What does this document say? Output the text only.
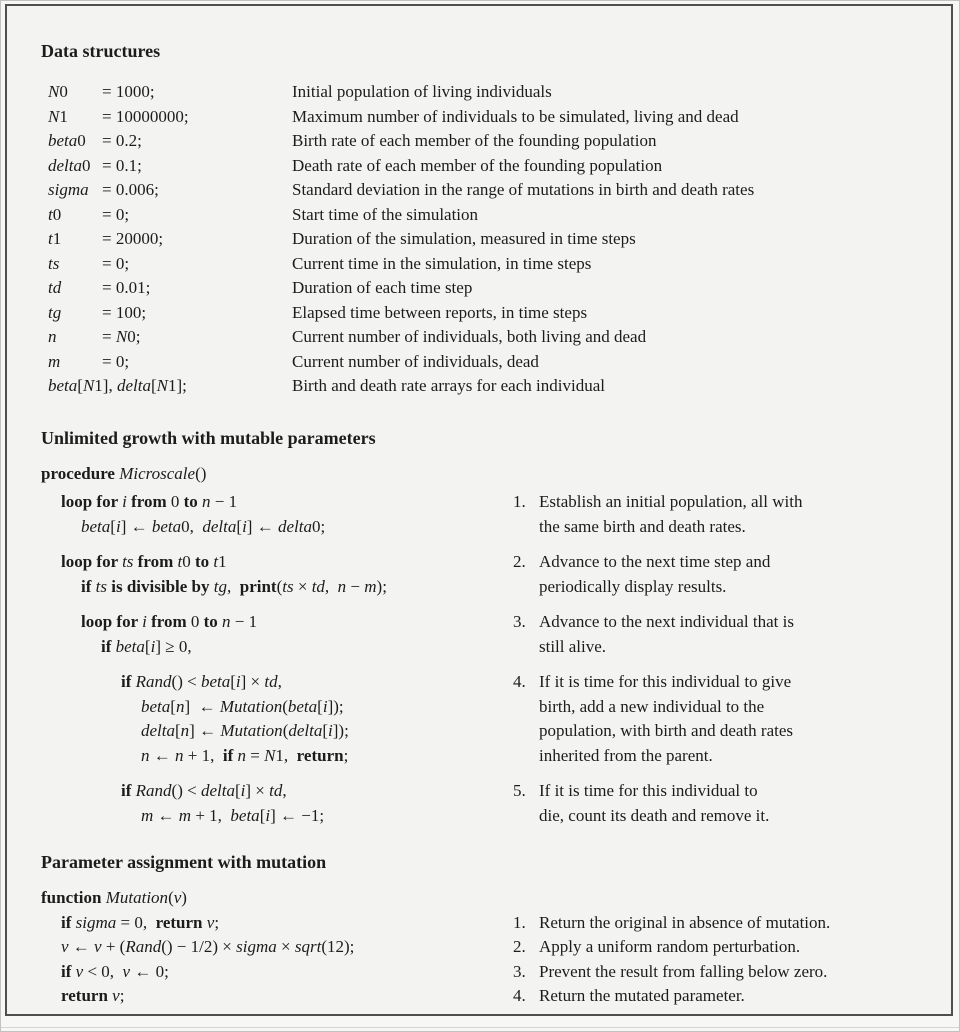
Data structures
N0	= 1000;	Initial population of living individuals
N1	= 10000000;	Maximum number of individuals to be simulated, living and dead
beta0 = 0.2;	Birth rate of each member of the founding population
delta0 = 0.1;	Death rate of each member of the founding population
sigma = 0.006;	Standard deviation in the range of mutations in birth and death rates
t0	= 0;	Start time of the simulation
t1	= 20000;	Duration of the simulation, measured in time steps
ts	= 0;	Current time in the simulation, in time steps
td	= 0.01;	Duration of each time step
tg	= 100;	Elapsed time between reports, in time steps
n	= N0;	Current number of individuals, both living and dead
m	= 0;	Current number of individuals, dead
beta[N1], delta[N1];	Birth and death rate arrays for each individual
Unlimited growth with mutable parameters
procedure Microscale()
loop for i from 0 to n − 1
beta[i] ← beta0,  delta[i] ← delta0;
1. Establish an initial population, all with
the same birth and death rates.
loop for ts from t0 to t1
if ts is divisible by tg,  print(ts × td,  n − m);
2. Advance to the next time step and
periodically display results.
loop for i from 0 to n − 1
if beta[i] ≥ 0,
3. Advance to the next individual that is
still alive.
if Rand() < beta[i] × td,
beta[n]  ← Mutation(beta[i]);
delta[n] ← Mutation(delta[i]);
n ← n + 1,  if n = N1,  return;
4. If it is time for this individual to give
birth, add a new individual to the
population, with birth and death rates
inherited from the parent.
if Rand() < delta[i] × td,
m ← m + 1,  beta[i] ← −1;
5. If it is time for this individual to
die, count its death and remove it.
Parameter assignment with mutation
function Mutation(v)
if sigma = 0,  return v;	1. Return the original in absence of mutation.
v ← v + (Rand() − 1/2) × sigma × sqrt(12);	2. Apply a uniform random perturbation.
if v < 0,  v ← 0;	3. Prevent the result from falling below zero.
return v;	4. Return the mutated parameter.
